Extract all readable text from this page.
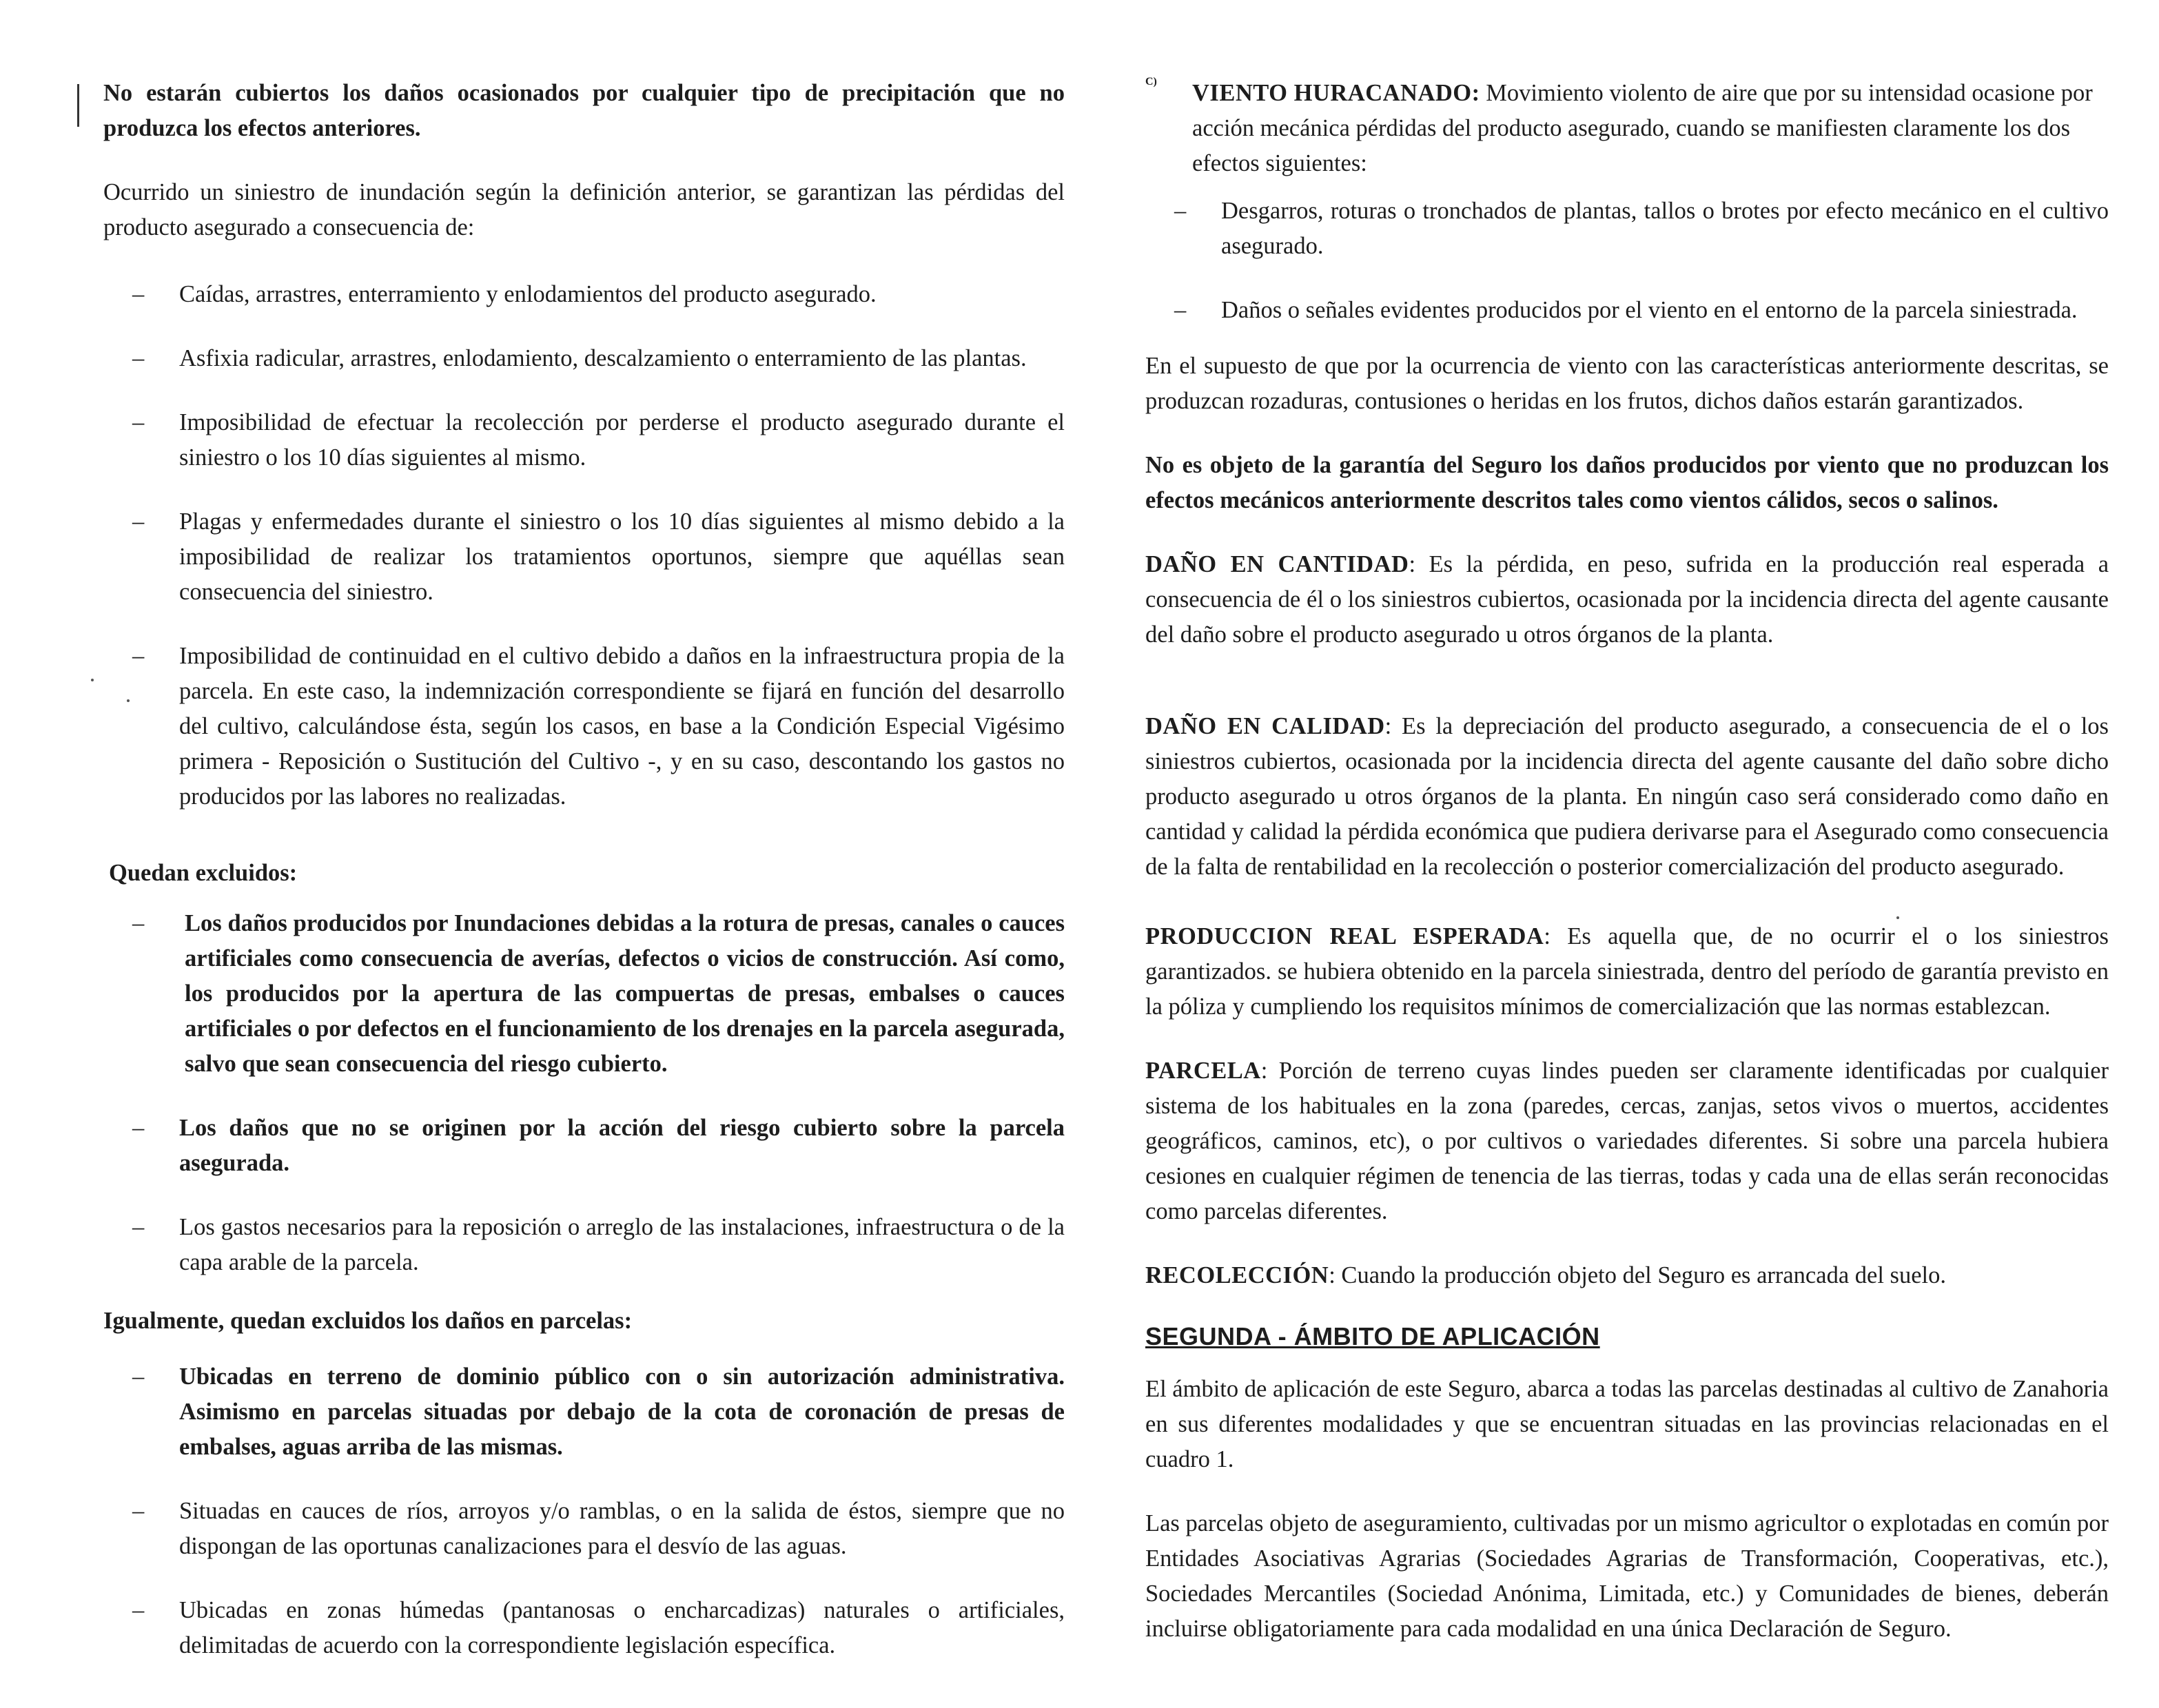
No estarán cubiertos los daños ocasionados por cualquier tipo de precipitación que no produzca los efectos anteriores.

Ocurrido un siniestro de inundación según la definición anterior, se garantizan las pérdidas del producto asegurado a consecuencia de:

– Caídas, arrastres, enterramiento y enlodamientos del producto asegurado.
– Asfixia radicular, arrastres, enlodamiento, descalzamiento o enterramiento de las plantas.
– Imposibilidad de efectuar la recolección por perderse el producto asegurado durante el siniestro o los 10 días siguientes al mismo.
– Plagas y enfermedades durante el siniestro o los 10 días siguientes al mismo debido a la imposibilidad de realizar los tratamientos oportunos, siempre que aquéllas sean consecuencia del siniestro.
– Imposibilidad de continuidad en el cultivo debido a daños en la infraestructura propia de la parcela. En este caso, la indemnización correspondiente se fijará en función del desarrollo del cultivo, calculándose ésta, según los casos, en base a la Condición Especial Vigésimo primera - Reposición o Sustitución del Cultivo -, y en su caso, descontando los gastos no producidos por las labores no realizadas.

Quedan excluidos:

– Los daños producidos por Inundaciones debidas a la rotura de presas, canales o cauces artificiales como consecuencia de averías, defectos o vicios de construcción. Así como, los producidos por la apertura de las compuertas de presas, embalses o cauces artificiales o por defectos en el funcionamiento de los drenajes en la parcela asegurada, salvo que sean consecuencia del riesgo cubierto.
– Los daños que no se originen por la acción del riesgo cubierto sobre la parcela asegurada.
– Los gastos necesarios para la reposición o arreglo de las instalaciones, infraestructura o de la capa arable de la parcela.

Igualmente, quedan excluidos los daños en parcelas:

– Ubicadas en terreno de dominio público con o sin autorización administrativa. Asimismo en parcelas situadas por debajo de la cota de coronación de presas de embalses, aguas arriba de las mismas.
– Situadas en cauces de ríos, arroyos y/o ramblas, o en la salida de éstos, siempre que no dispongan de las oportunas canalizaciones para el desvío de las aguas.
– Ubicadas en zonas húmedas (pantanosas o encharcadizas) naturales o artificiales, delimitadas de acuerdo con la correspondiente legislación específica.
C) VIENTO HURACANADO: Movimiento violento de aire que por su intensidad ocasione por acción mecánica pérdidas del producto asegurado, cuando se manifiesten claramente los dos efectos siguientes:

– Desgarros, roturas o tronchados de plantas, tallos o brotes por efecto mecánico en el cultivo asegurado.
– Daños o señales evidentes producidos por el viento en el entorno de la parcela siniestrada.

En el supuesto de que por la ocurrencia de viento con las características anteriormente descritas, se produzcan rozaduras, contusiones o heridas en los frutos, dichos daños estarán garantizados.

No es objeto de la garantía del Seguro los daños producidos por viento que no produzcan los efectos mecánicos anteriormente descritos tales como vientos cálidos, secos o salinos.

DAÑO EN CANTIDAD: Es la pérdida, en peso, sufrida en la producción real esperada a consecuencia de él o los siniestros cubiertos, ocasionada por la incidencia directa del agente causante del daño sobre el producto asegurado u otros órganos de la planta.

DAÑO EN CALIDAD: Es la depreciación del producto asegurado, a consecuencia de el o los siniestros cubiertos, ocasionada por la incidencia directa del agente causante del daño sobre dicho producto asegurado u otros órganos de la planta. En ningún caso será considerado como daño en cantidad y calidad la pérdida económica que pudiera derivarse para el Asegurado como consecuencia de la falta de rentabilidad en la recolección o posterior comercialización del producto asegurado.

PRODUCCION REAL ESPERADA: Es aquella que, de no ocurrir el o los siniestros garantizados. se hubiera obtenido en la parcela siniestrada, dentro del período de garantía previsto en la póliza y cumpliendo los requisitos mínimos de comercialización que las normas establezcan.

PARCELA: Porción de terreno cuyas lindes pueden ser claramente identificadas por cualquier sistema de los habituales en la zona (paredes, cercas, zanjas, setos vivos o muertos, accidentes geográficos, caminos, etc), o por cultivos o variedades diferentes. Si sobre una parcela hubiera cesiones en cualquier régimen de tenencia de las tierras, todas y cada una de ellas serán reconocidas como parcelas diferentes.

RECOLECCIÓN: Cuando la producción objeto del Seguro es arrancada del suelo.

SEGUNDA - ÁMBITO DE APLICACIÓN

El ámbito de aplicación de este Seguro, abarca a todas las parcelas destinadas al cultivo de Zanahoria en sus diferentes modalidades y que se encuentran situadas en las provincias relacionadas en el cuadro 1.

Las parcelas objeto de aseguramiento, cultivadas por un mismo agricultor o explotadas en común por Entidades Asociativas Agrarias (Sociedades Agrarias de Transformación, Cooperativas, etc.), Sociedades Mercantiles (Sociedad Anónima, Limitada, etc.) y Comunidades de bienes, deberán incluirse obligatoriamente para cada modalidad en una única Declaración de Seguro.
